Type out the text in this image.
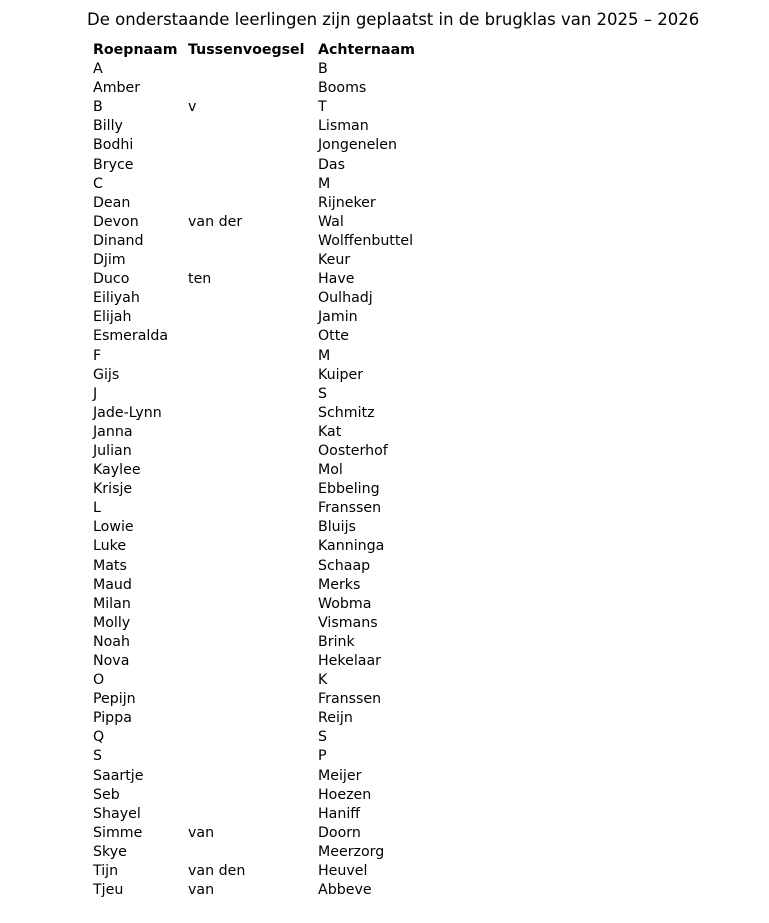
De onderstaande leerlingen zijn geplaatst in de brugklas van 2025 – 2026
Roepnaam	Tussenvoegsel	Achternaam
A		B
Amber		Booms
B	v	T
Billy		Lisman
Bodhi		Jongenelen
Bryce		Das
C		M
Dean		Rijneker
Devon	van der	Wal
Dinand		Wolffenbuttel
Djim		Keur
Duco	ten	Have
Eiliyah		Oulhadj
Elijah		Jamin
Esmeralda		Otte
F		M
Gijs		Kuiper
J		S
Jade-Lynn		Schmitz
Janna		Kat
Julian		Oosterhof
Kaylee		Mol
Krisje		Ebbeling
L		Franssen
Lowie		Bluijs
Luke		Kanninga
Mats		Schaap
Maud		Merks
Milan		Wobma
Molly		Vismans
Noah		Brink
Nova		Hekelaar
O		K
Pepijn		Franssen
Pippa		Reijn
Q		S
S		P
Saartje		Meijer
Seb		Hoezen
Shayel		Haniff
Simme	van	Doorn
Skye		Meerzorg
Tijn	van den	Heuvel
Tjeu	van	Abbeve
